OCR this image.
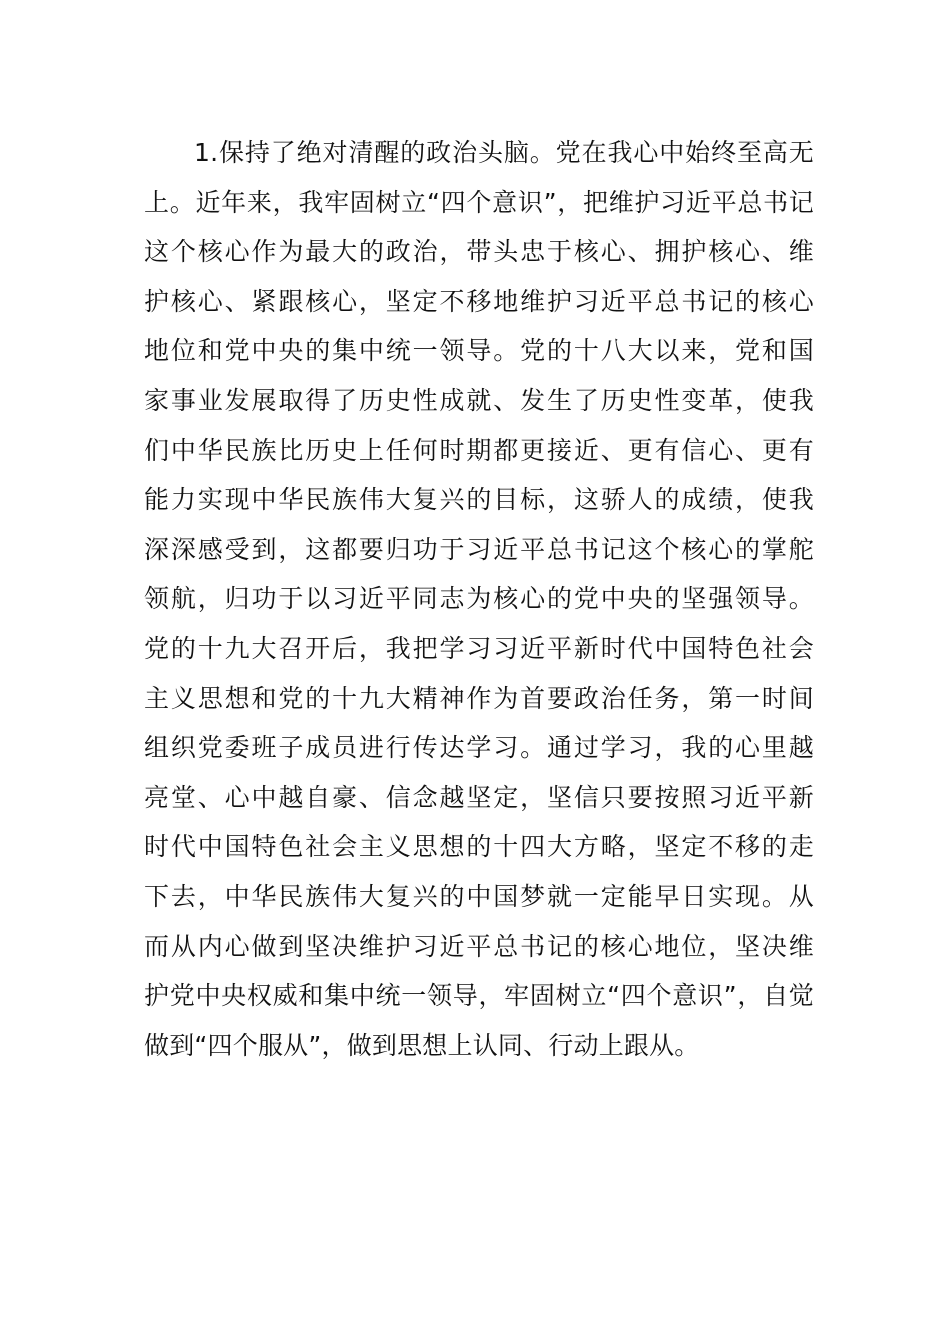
1.保持了绝对清醒的政治头脑。党在我心中始终至高无
上。近年来，我牢固树立“四个意识”，把维护习近平总书记
这个核心作为最大的政治，带头忠于核心、拥护核心、维
护核心、紧跟核心，坚定不移地维护习近平总书记的核心
地位和党中央的集中统一领导。党的十八大以来，党和国
家事业发展取得了历史性成就、发生了历史性变革，使我
们中华民族比历史上任何时期都更接近、更有信心、更有
能力实现中华民族伟大复兴的目标，这骄人的成绩，使我
深深感受到，这都要归功于习近平总书记这个核心的掌舵
领航，归功于以习近平同志为核心的党中央的坚强领导。
党的十九大召开后，我把学习习近平新时代中国特色社会
主义思想和党的十九大精神作为首要政治任务，第一时间
组织党委班子成员进行传达学习。通过学习，我的心里越
亮堂、心中越自豪、信念越坚定，坚信只要按照习近平新
时代中国特色社会主义思想的十四大方略，坚定不移的走
下去，中华民族伟大复兴的中国梦就一定能早日实现。从
而从内心做到坚决维护习近平总书记的核心地位，坚决维
护党中央权威和集中统一领导，牢固树立“四个意识”，自觉
做到“四个服从”，做到思想上认同、行动上跟从。
